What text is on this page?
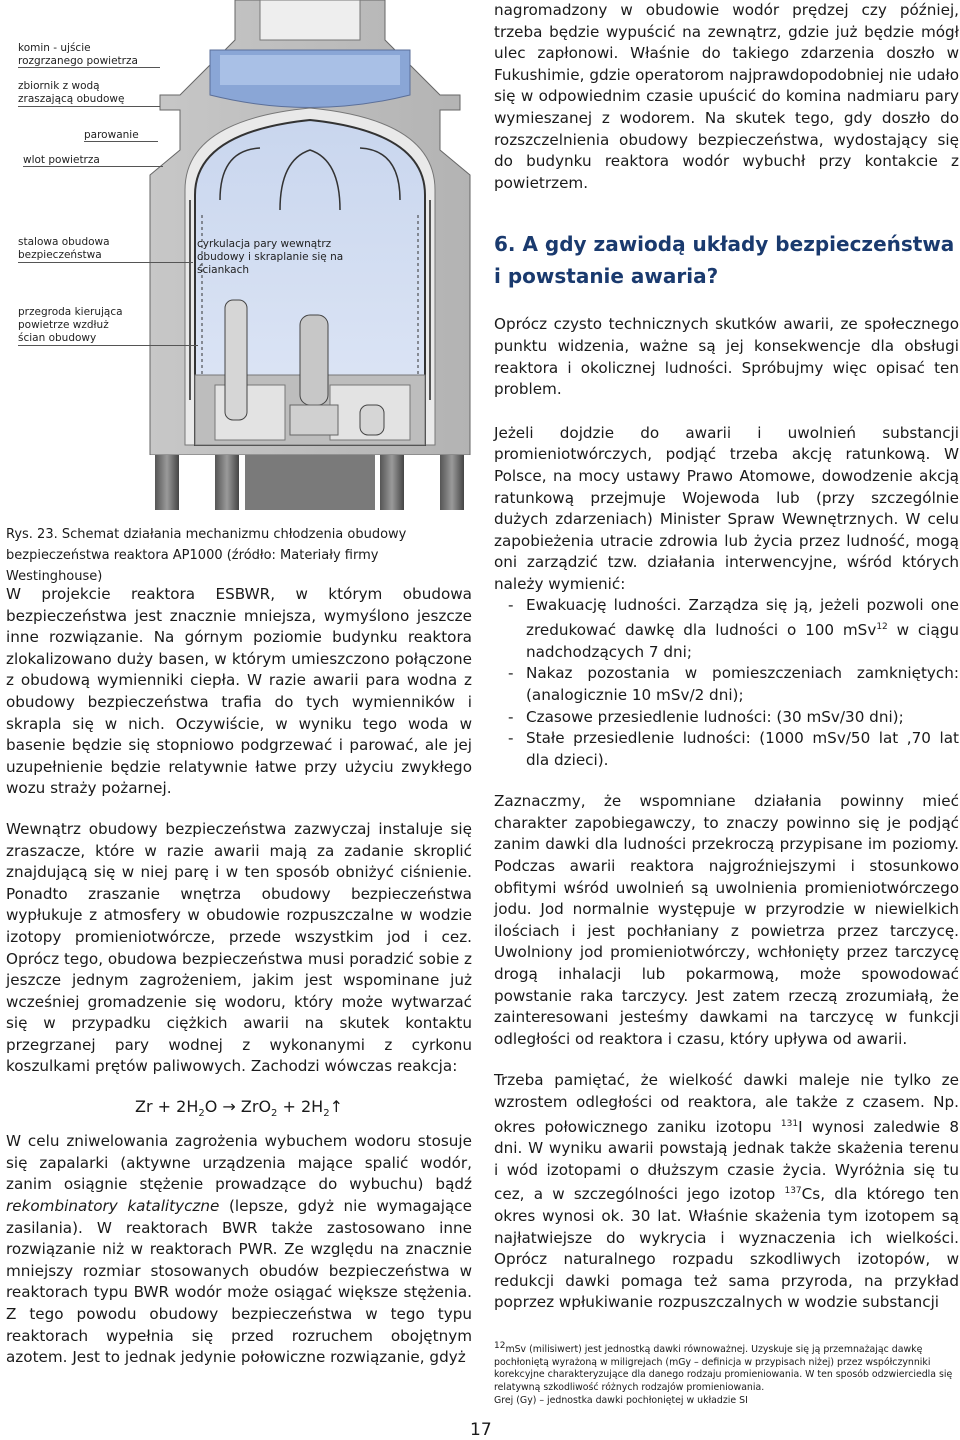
komin - ujście rozgrzanego powietrza
zbiornik z wodą zraszającą obudowę
parowanie
wlot powietrza
stalowa obudowa bezpieczeństwa
cyrkulacja pary wewnątrz obudowy i skraplanie się na ściankach
przegroda kierująca powietrze wzdłuż ścian obudowy
Rys. 23. Schemat działania mechanizmu chłodzenia obudowy bezpieczeństwa reaktora AP1000 (źródło: Materiały firmy Westinghouse)

W projekcie reaktora ESBWR, w którym obudowa bezpieczeństwa jest znacznie mniejsza, wymyślono jeszcze inne rozwiązanie. Na górnym poziomie budynku reaktora zlokalizowano duży basen, w którym umieszczono połączone z obudową wymienniki ciepła. W razie awarii para wodna z obudowy bezpieczeństwa trafia do tych wymienników i skrapla się w nich. Oczywiście, w wyniku tego woda w basenie będzie się stopniowo podgrzewać i parować, ale jej uzupełnienie będzie relatywnie łatwe przy użyciu zwykłego wozu straży pożarnej.

Wewnątrz obudowy bezpieczeństwa zazwyczaj instaluje się zraszacze, które w razie awarii mają za zadanie skroplić znajdującą się w niej parę i w ten sposób obniżyć ciśnienie. Ponadto zraszanie wnętrza obudowy bezpieczeństwa wypłukuje z atmosfery w obudowie rozpuszczalne w wodzie izotopy promieniotwórcze, przede wszystkim jod i cez. Oprócz tego, obudowa bezpieczeństwa musi poradzić sobie z jeszcze jednym zagrożeniem, jakim jest wspominane już wcześniej gromadzenie się wodoru, który może wytwarzać się w przypadku ciężkich awarii na skutek kontaktu przegrzanej pary wodnej z wykonanymi z cyrkonu koszulkami prętów paliwowych. Zachodzi wówczas reakcja:

$Zr + 2H_2O \to ZrO_2$ + $2H_2↑$

W celu zniwelowania zagrożenia wybuchem wodoru stosuje się zapalarki (aktywne urządzenia mające spalić wodór, zanim osiągnie stężenie prowadzące do wybuchu) bądź rekombinatory katalityczne (lepsze, gdyż nie wymagające zasilania). W reaktorach BWR także zastosowano inne rozwiązanie niż w reaktorach PWR. Ze względu na znacznie mniejszy rozmiar stosowanych obudów bezpieczeństwa w reaktorach typu BWR wodór może osiągać większe stężenia. Z tego powodu obudowy bezpieczeństwa w tego typu reaktorach wypełnia się przed rozruchem obojętnym azotem. Jest to jednak jedynie połowiczne rozwiązanie, gdyż

nagromadzony w obudowie wodór prędzej czy później, trzeba będzie wypuścić na zewnątrz, gdzie już będzie mógł ulec zapłonowi. Właśnie do takiego zdarzenia doszło w Fukushimie, gdzie operatorom najprawdopodobniej nie udało się w odpowiednim czasie upuścić do komina nadmiaru pary wymieszanej z wodorem. Na skutek tego, gdy doszło do rozszczelnienia obudowy bezpieczeństwa, wydostający się do budynku reaktora wodór wybuchł przy kontakcie z powietrzem.

6. A gdy zawiodą układy bezpieczeństwa i powstanie awaria?

Oprócz czysto technicznych skutków awarii, ze społecznego punktu widzenia, ważne są jej konsekwencje dla obsługi reaktora i okolicznej ludności. Spróbujmy więc opisać ten problem.

Jeżeli dojdzie do awarii i uwolnień substancji promieniotwórczych, podjąć trzeba akcję ratunkową. W Polsce, na mocy ustawy Prawo Atomowe, dowodzenie akcją ratunkową przejmuje Wojewoda lub (przy szczególnie dużych zdarzeniach) Minister Spraw Wewnętrznych. W celu zapobieżenia utracie zdrowia lub życia przez ludność, mogą oni zarządzić tzw. działania interwencyjne, wśród których należy wymienić:

- Ewakuację ludności. Zarządza się ją, jeżeli pozwoli one zredukować dawkę dla ludności o 100 mSv$^{12}$ w ciągu nadchodzących 7 dni;
- Nakaz pozostania w pomieszczeniach zamkniętych: (analogicznie 10 mSv/2 dni);
- Czasowe przesiedlenie ludności: (30 mSv/30 dni);
- Stałe przesiedlenie ludności: (1000 mSv/50 lat ,70 lat dla dzieci).

Zaznaczmy, że wspomniane działania powinny mieć charakter zapobiegawczy, to znaczy powinno się je podjąć zanim dawki dla ludności przekroczą przypisane im poziomy. Podczas awarii reaktora najgroźniejszymi i stosunkowo obfitymi wśród uwolnień są uwolnienia promieniotwórczego jodu. Jod normalnie występuje w przyrodzie w niewielkich ilościach i jest pochłaniany z powietrza przez tarczycę. Uwolniony jod promieniotwórczy, wchłonięty przez tarczycę drogą inhalacji lub pokarmową, może spowodować powstanie raka tarczycy. Jest zatem rzeczą zrozumiałą, że zainteresowani jesteśmy dawkami na tarczycę w funkcji odległości od reaktora i czasu, który upływa od awarii.

Trzeba pamiętać, że wielkość dawki maleje nie tylko ze wzrostem odległości od reaktora, ale także z czasem. Np. okres połowicznego zaniku izotopu $^{131}$I wynosi zaledwie 8 dni. W wyniku awarii powstają jednak także skażenia terenu i wód izotopami o dłuższym czasie życia. Wyróżnia się tu cez, a w szczególności jego izotop $^{137}$Cs, dla którego ten okres wynosi ok. 30 lat. Właśnie skażenia tym izotopem są najłatwiejsze do wykrycia i wyznaczenia ich wielkości. Oprócz naturalnego rozpadu szkodliwych izotopów, w redukcji dawki pomaga też sama przyroda, na przykład poprzez wpłukiwanie rozpuszczalnych w wodzie substancji

$^{12}$mSv (milisiwert) jest jednostką dawki równoważnej. Uzyskuje się ją przemnażając dawkę pochłoniętą wyrażoną w miligrejach (mGy – definicja w przypisach niżej) przez współczynniki korekcyjne charakteryzujące dla danego rodzaju promieniowania. W ten sposób odzwierciedla się relatywną szkodliwość różnych rodzajów promieniowania.
Grej (Gy) – jednostka dawki pochłoniętej w układzie SI
17
